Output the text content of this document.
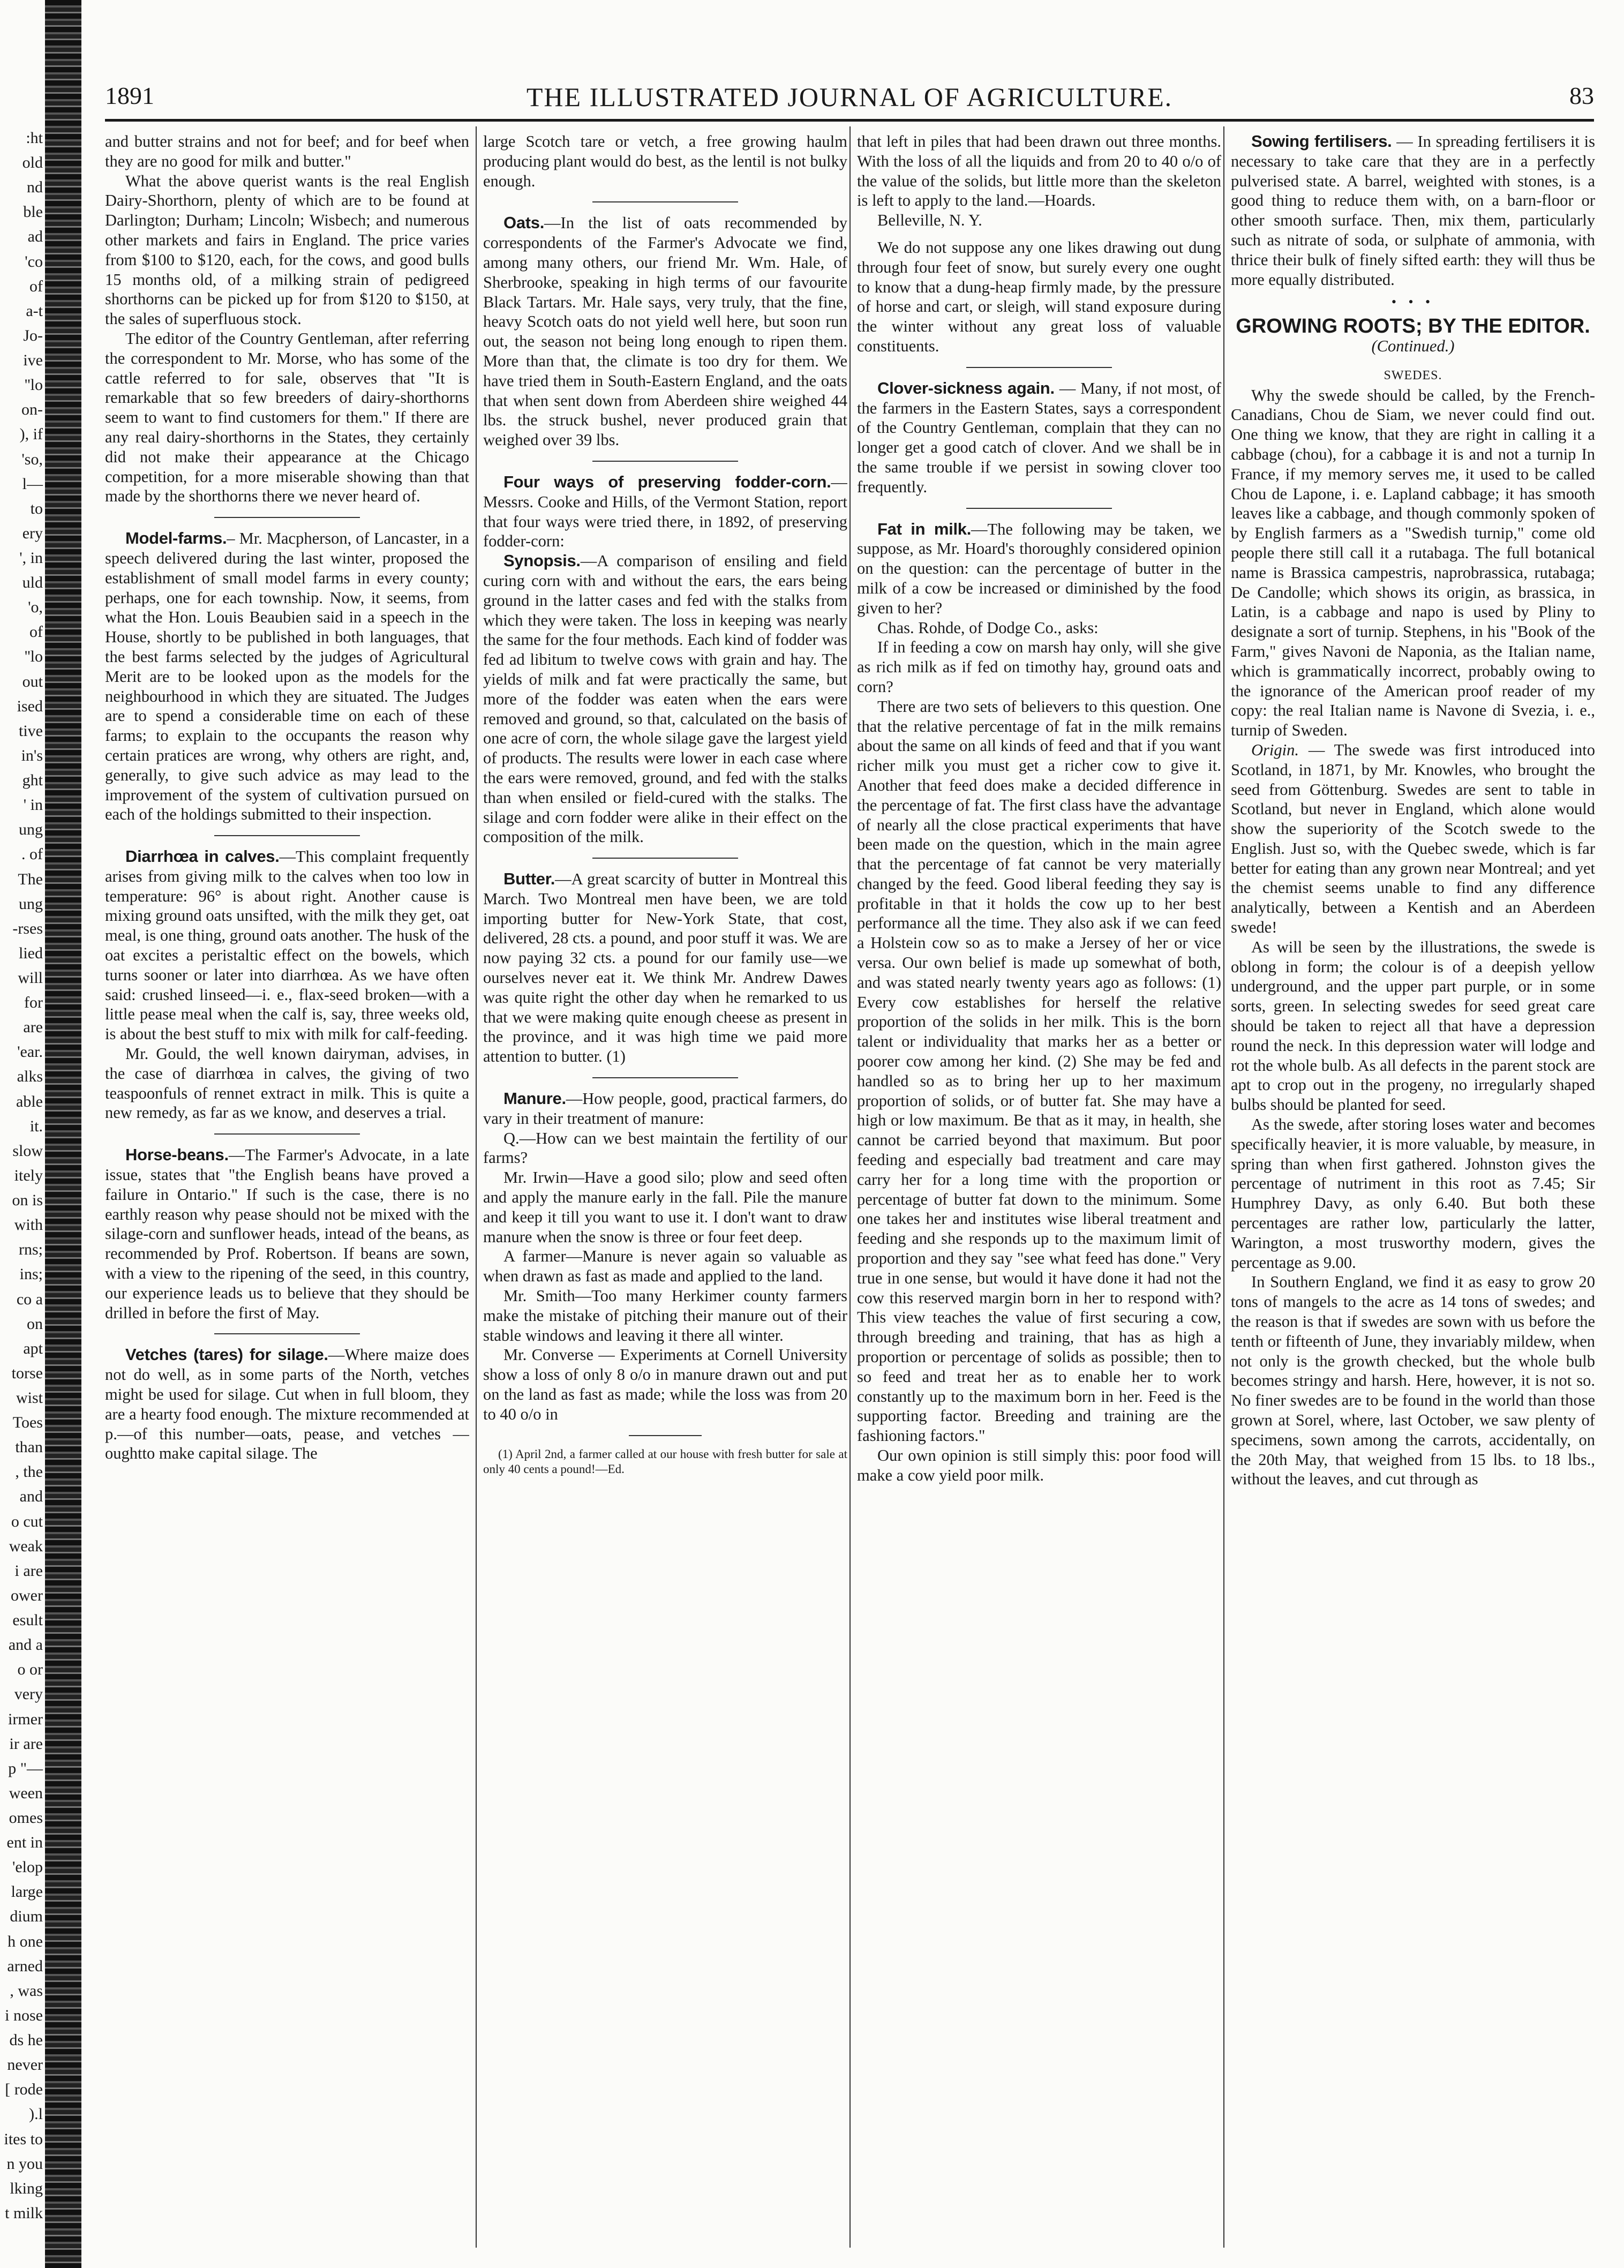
:ht
old
nd
ble
ad
'co
of
a-t
Jo-
ive
''lo
on-
), if
'so,
l—
to
ery
', in
uld
'o,
of
''lo
out
ised
tive
in's
ght
' in
ung
. of
The
ung
-rses
lied
will
for
are
'ear.
alks
able
it.
slow
itely
on is
with
rns;
ins;
co a
on
apt
torse
wist
Toes
than
, the
and
o cut
weak
i are
ower
esult
and a
o or
very
irmer
ir are
p "—
ween
omes
ent in
'elop
large
dium
h one
arned
, was
i nose
ds he
never
[ rode
).l
ites to
n you
lking
t milk
1891	THE ILLUSTRATED JOURNAL OF AGRICULTURE.	83

and butter strains and not for beef; and for beef when they are no good for milk and butter."

What the above querist wants is the real English Dairy-Shorthorn, plenty of which are to be found at Darlington; Durham; Lincoln; Wisbech; and numerous other markets and fairs in England. The price varies from $100 to $120, each, for the cows, and good bulls 15 months old, of a milking strain of pedigreed shorthorns can be picked up for from $120 to $150, at the sales of superfluous stock.

The editor of the Country Gentleman, after referring the correspondent to Mr. Morse, who has some of the cattle referred to for sale, observes that "It is remarkable that so few breeders of dairy-shorthorns seem to want to find customers for them." If there are any real dairy-shorthorns in the States, they certainly did not make their appearance at the Chicago competition, for a more miserable showing than that made by the shorthorns there we never heard of.

Model-farms.– Mr. Macpherson, of Lancaster, in a speech delivered during the last winter, proposed the establishment of small model farms in every county; perhaps, one for each township. Now, it seems, from what the Hon. Louis Beaubien said in a speech in the House, shortly to be published in both languages, that the best farms selected by the judges of Agricultural Merit are to be looked upon as the models for the neighbourhood in which they are situated. The Judges are to spend a considerable time on each of these farms; to explain to the occupants the reason why certain pratices are wrong, why others are right, and, generally, to give such advice as may lead to the improvement of the system of cultivation pursued on each of the holdings submitted to their inspection.

Diarrhœa in calves.—This complaint frequently arises from giving milk to the calves when too low in temperature: 96° is about right. Another cause is mixing ground oats unsifted, with the milk they get, oat meal, is one thing, ground oats another. The husk of the oat excites a peristaltic effect on the bowels, which turns sooner or later into diarrhœa. As we have often said: crushed linseed—i. e., flax-seed broken—with a little pease meal when the calf is, say, three weeks old, is about the best stuff to mix with milk for calf-feeding.

Mr. Gould, the well known dairyman, advises, in the case of diarrhœa in calves, the giving of two teaspoonfuls of rennet extract in milk. This is quite a new remedy, as far as we know, and deserves a trial.

Horse-beans.—The Farmer's Advocate, in a late issue, states that "the English beans have proved a failure in Ontario." If such is the case, there is no earthly reason why pease should not be mixed with the silage-corn and sunflower heads, intead of the beans, as recommended by Prof. Robertson. If beans are sown, with a view to the ripening of the seed, in this country, our experience leads us to believe that they should be drilled in before the first of May.

Vetches (tares) for silage.—Where maize does not do well, as in some parts of the North, vetches might be used for silage. Cut when in full bloom, they are a hearty food enough. The mixture recommended at p.—of this number—oats, pease, and vetches —oughtto make capital silage. The

large Scotch tare or vetch, a free growing haulm producing plant would do best, as the lentil is not bulky enough.

Oats.—In the list of oats recommended by correspondents of the Farmer's Advocate we find, among many others, our friend Mr. Wm. Hale, of Sherbrooke, speaking in high terms of our favourite Black Tartars. Mr. Hale says, very truly, that the fine, heavy Scotch oats do not yield well here, but soon run out, the season not being long enough to ripen them. More than that, the climate is too dry for them. We have tried them in South-Eastern England, and the oats that when sent down from Aberdeen shire weighed 44 lbs. the struck bushel, never produced grain that weighed over 39 lbs.

Four ways of preserving fodder-corn.—Messrs. Cooke and Hills, of the Vermont Station, report that four ways were tried there, in 1892, of preserving fodder-corn:

Synopsis.—A comparison of ensiling and field curing corn with and without the ears, the ears being ground in the latter cases and fed with the stalks from which they were taken. The loss in keeping was nearly the same for the four methods. Each kind of fodder was fed ad libitum to twelve cows with grain and hay. The yields of milk and fat were practically the same, but more of the fodder was eaten when the ears were removed and ground, so that, calculated on the basis of one acre of corn, the whole silage gave the largest yield of products. The results were lower in each case where the ears were removed, ground, and fed with the stalks than when ensiled or field-cured with the stalks. The silage and corn fodder were alike in their effect on the composition of the milk.

Butter.—A great scarcity of butter in Montreal this March. Two Montreal men have been, we are told importing butter for New-York State, that cost, delivered, 28 cts. a pound, and poor stuff it was. We are now paying 32 cts. a pound for our family use—we ourselves never eat it. We think Mr. Andrew Dawes was quite right the other day when he remarked to us that we were making quite enough cheese as present in the province, and it was high time we paid more attention to butter. (1)

Manure.—How people, good, practical farmers, do vary in their treatment of manure:

Q.—How can we best maintain the fertility of our farms?

Mr. Irwin—Have a good silo; plow and seed often and apply the manure early in the fall. Pile the manure and keep it till you want to use it. I don't want to draw manure when the snow is three or four feet deep.

A farmer—Manure is never again so valuable as when drawn as fast as made and applied to the land.

Mr. Smith—Too many Herkimer county farmers make the mistake of pitching their manure out of their stable windows and leaving it there all winter.

Mr. Converse — Experiments at Cornell University show a loss of only 8 o/o in manure drawn out and put on the land as fast as made; while the loss was from 20 to 40 o/o in

(1) April 2nd, a farmer called at our house with fresh butter for sale at only 40 cents a pound!—Ed.

that left in piles that had been drawn out three months. With the loss of all the liquids and from 20 to 40 o/o of the value of the solids, but little more than the skeleton is left to apply to the land.—Hoards.

Belleville, N. Y.

We do not suppose any one likes drawing out dung through four feet of snow, but surely every one ought to know that a dung-heap firmly made, by the pressure of horse and cart, or sleigh, will stand exposure during the winter without any great loss of valuable constituents.

Clover-sickness again. — Many, if not most, of the farmers in the Eastern States, says a correspondent of the Country Gentleman, complain that they can no longer get a good catch of clover. And we shall be in the same trouble if we persist in sowing clover too frequently.

Fat in milk.—The following may be taken, we suppose, as Mr. Hoard's thoroughly considered opinion on the question: can the percentage of butter in the milk of a cow be increased or diminished by the food given to her?

Chas. Rohde, of Dodge Co., asks:

If in feeding a cow on marsh hay only, will she give as rich milk as if fed on timothy hay, ground oats and corn?

There are two sets of believers to this question. One that the relative percentage of fat in the milk remains about the same on all kinds of feed and that if you want richer milk you must get a richer cow to give it. Another that feed does make a decided difference in the percentage of fat. The first class have the advantage of nearly all the close practical experiments that have been made on the question, which in the main agree that the percentage of fat cannot be very materially changed by the feed. Good liberal feeding they say is profitable in that it holds the cow up to her best performance all the time. They also ask if we can feed a Holstein cow so as to make a Jersey of her or vice versa. Our own belief is made up somewhat of both, and was stated nearly twenty years ago as follows: (1) Every cow establishes for herself the relative proportion of the solids in her milk. This is the born talent or individuality that marks her as a better or poorer cow among her kind. (2) She may be fed and handled so as to bring her up to her maximum proportion of solids, or of butter fat. She may have a high or low maximum. Be that as it may, in health, she cannot be carried beyond that maximum. But poor feeding and especially bad treatment and care may carry her for a long time with the proportion or percentage of butter fat down to the minimum. Some one takes her and institutes wise liberal treatment and feeding and she responds up to the maximum limit of proportion and they say "see what feed has done." Very true in one sense, but would it have done it had not the cow this reserved margin born in her to respond with? This view teaches the value of first securing a cow, through breeding and training, that has as high a proportion or percentage of solids as possible; then to so feed and treat her as to enable her to work constantly up to the maximum born in her. Feed is the supporting factor. Breeding and training are the fashioning factors."

Our own opinion is still simply this: poor food will make a cow yield poor milk.

Sowing fertilisers. — In spreading fertilisers it is necessary to take care that they are in a perfectly pulverised state. A barrel, weighted with stones, is a good thing to reduce them with, on a barn-floor or other smooth surface. Then, mix them, particularly such as nitrate of soda, or sulphate of ammonia, with thrice their bulk of finely sifted earth: they will thus be more equally distributed.

• • •

GROWING ROOTS; BY THE EDITOR.

(Continued.)

SWEDES.

Why the swede should be called, by the French-Canadians, Chou de Siam, we never could find out. One thing we know, that they are right in calling it a cabbage (chou), for a cabbage it is and not a turnip In France, if my memory serves me, it used to be called Chou de Lapone, i. e. Lapland cabbage; it has smooth leaves like a cabbage, and though commonly spoken of by English farmers as a "Swedish turnip," come old people there still call it a rutabaga. The full botanical name is Brassica campestris, naprobrassica, rutabaga; De Candolle; which shows its origin, as brassica, in Latin, is a cabbage and napo is used by Pliny to designate a sort of turnip. Stephens, in his "Book of the Farm," gives Navoni de Naponia, as the Italian name, which is grammatically incorrect, probably owing to the ignorance of the American proof reader of my copy: the real Italian name is Navone di Svezia, i. e., turnip of Sweden.

Origin. — The swede was first introduced into Scotland, in 1871, by Mr. Knowles, who brought the seed from Göttenburg. Swedes are sent to table in Scotland, but never in England, which alone would show the superiority of the Scotch swede to the English. Just so, with the Quebec swede, which is far better for eating than any grown near Montreal; and yet the chemist seems unable to find any difference analytically, between a Kentish and an Aberdeen swede!

As will be seen by the illustrations, the swede is oblong in form; the colour is of a deepish yellow underground, and the upper part purple, or in some sorts, green. In selecting swedes for seed great care should be taken to reject all that have a depression round the neck. In this depression water will lodge and rot the whole bulb. As all defects in the parent stock are apt to crop out in the progeny, no irregularly shaped bulbs should be planted for seed.

As the swede, after storing loses water and becomes specifically heavier, it is more valuable, by measure, in spring than when first gathered. Johnston gives the percentage of nutriment in this root as 7.45; Sir Humphrey Davy, as only 6.40. But both these percentages are rather low, particularly the latter, Warington, a most trusworthy modern, gives the percentage as 9.00.

In Southern England, we find it as easy to grow 20 tons of mangels to the acre as 14 tons of swedes; and the reason is that if swedes are sown with us before the tenth or fifteenth of June, they invariably mildew, when not only is the growth checked, but the whole bulb becomes stringy and harsh. Here, however, it is not so. No finer swedes are to be found in the world than those grown at Sorel, where, last October, we saw plenty of specimens, sown among the carrots, accidentally, on the 20th May, that weighed from 15 lbs. to 18 lbs., without the leaves, and cut through as
